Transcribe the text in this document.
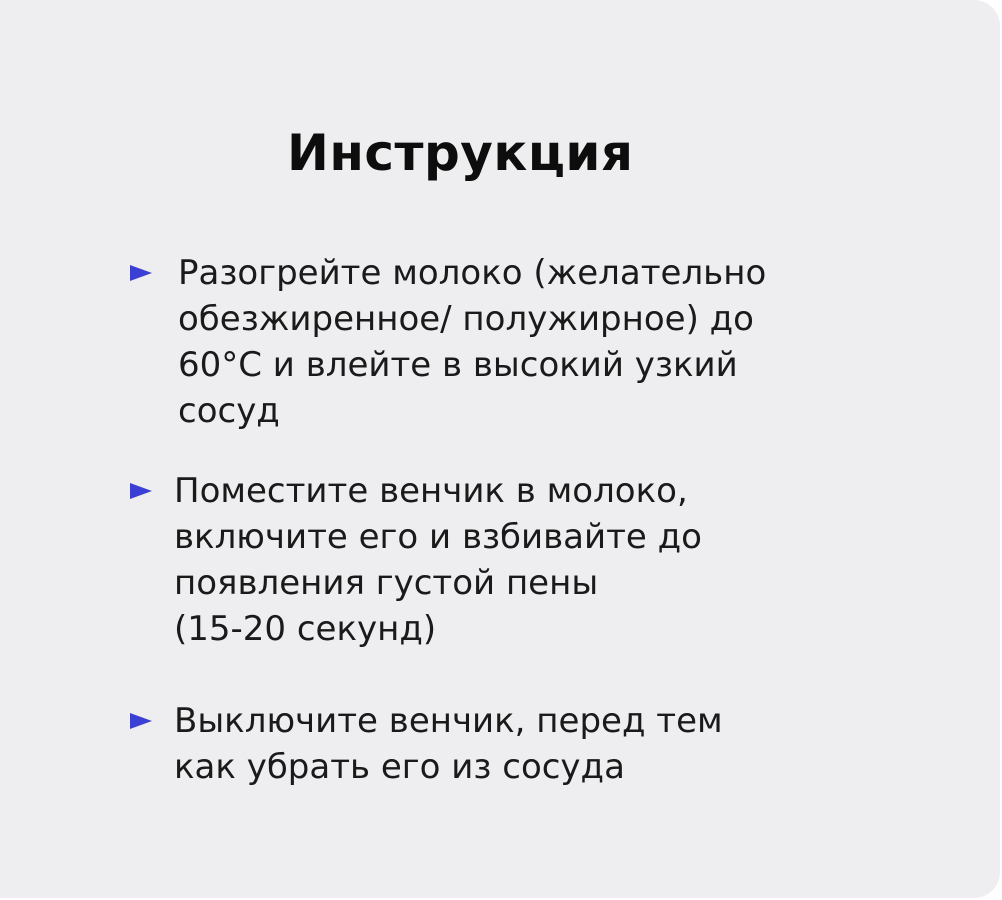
Инструкция
Разогрейте молоко (желательно
обезжиренное/ полужирное) до
60°С и влейте в высокий узкий
сосуд
Поместите венчик в молоко,
включите его и взбивайте до
появления густой пены
(15-20 секунд)
Выключите венчик, перед тем
как убрать его из сосуда
